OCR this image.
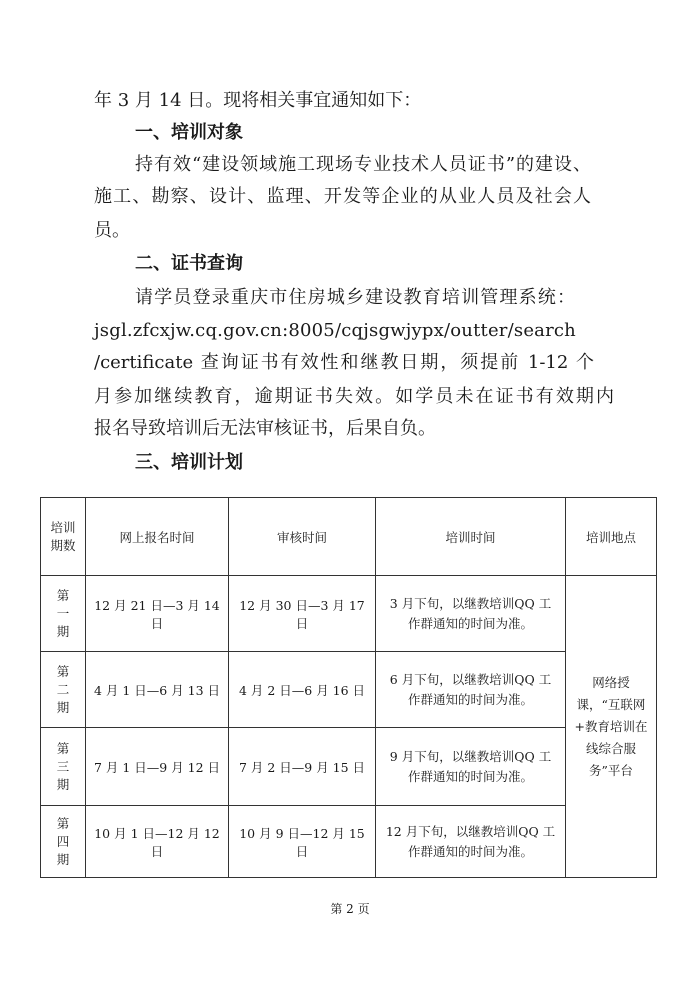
年 3 月 14 日。现将相关事宜通知如下：
一、培训对象
持有效“建设领域施工现场专业技术人员证书”的建设、
施工、勘察、设计、监理、开发等企业的从业人员及社会人
员。
二、证书查询
请学员登录重庆市住房城乡建设教育培训管理系统：
jsgl.zfcxjw.cq.gov.cn:8005/cqjsgwjypx/outter/search
/certificate 查询证书有效性和继教日期，须提前 1-12 个
月参加继续教育，逾期证书失效。如学员未在证书有效期内
报名导致培训后无法审核证书，后果自负。
三、培训计划
培训
期数	网上报名时间	审核时间	培训时间	培训地点

第
一
期	12 月 21 日—3 月 14 日	12 月 30 日—3 月 17 日	3 月下旬，以继教培训QQ 工作群通知的时间为准。	网络授课，“互联网+教育培训在线综合服务”平台

第
二
期	4 月 1 日—6 月 13 日	4 月 2 日—6 月 16 日	6 月下旬，以继教培训QQ 工作群通知的时间为准。	

第
三
期	7 月 1 日—9 月 12 日	7 月 2 日—9 月 15 日	9 月下旬，以继教培训QQ 工作群通知的时间为准。	

第
四
期	10 月 1 日—12 月 12 日	10 月 9 日—12 月 15 日	12 月下旬，以继教培训QQ 工作群通知的时间为准。	
第 2 页
